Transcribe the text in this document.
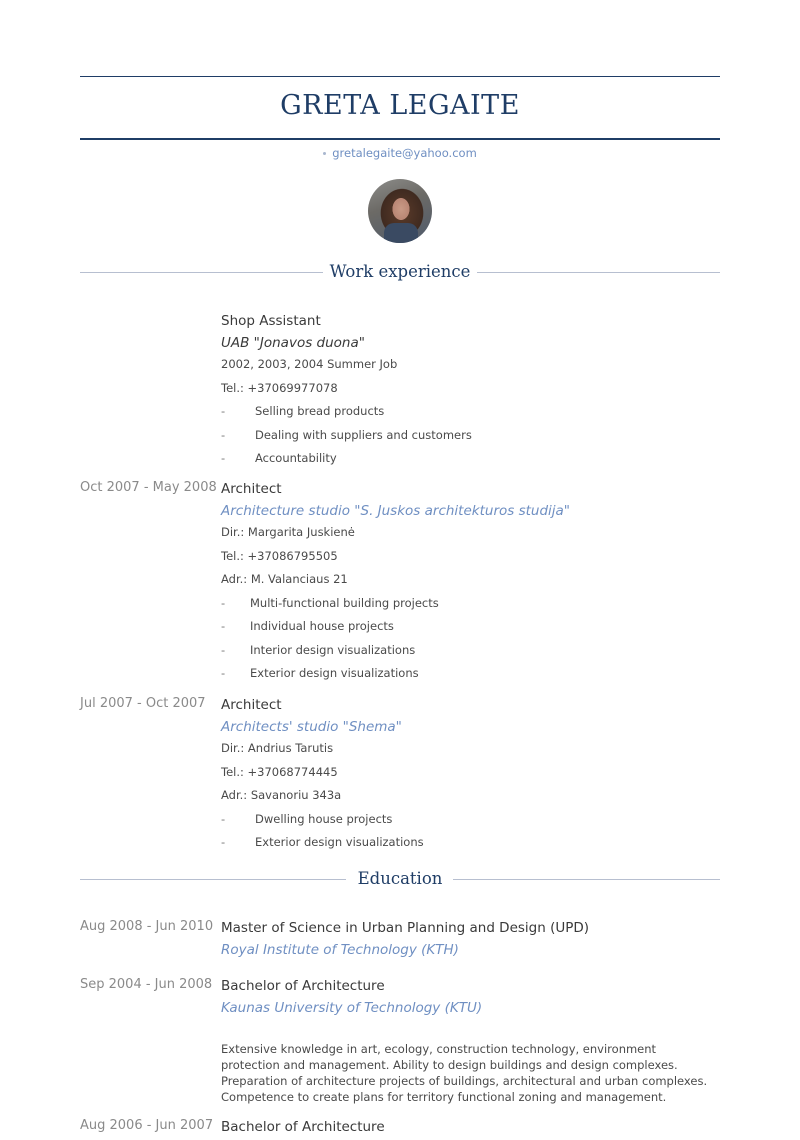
GRETA LEGAITE
gretalegaite@yahoo.com
Work experience
Shop Assistant
UAB "Jonavos duona"
2002, 2003, 2004 Summer Job
Tel.: +37069977078
-	Selling bread products
-	Dealing with suppliers and customers
-	Accountability
Oct 2007 - May 2008 Architect
Architecture studio "S. Juskos architekturos studija"
Dir.: Margarita Juskienė
Tel.: +37086795505
Adr.: M. Valanciaus 21
- Multi-functional building projects
- Individual house projects
- Interior design visualizations
- Exterior design visualizations
Jul 2007 - Oct 2007 Architect
Architects' studio "Shema"
Dir.: Andrius Tarutis
Tel.: +37068774445
Adr.: Savanoriu 343a
-	Dwelling house projects
-	Exterior design visualizations
Education
Aug 2008 - Jun 2010 Master of Science in Urban Planning and Design (UPD)
Royal Institute of Technology (KTH)
Sep 2004 - Jun 2008 Bachelor of Architecture
Kaunas University of Technology (KTU)
Extensive knowledge in art, ecology, construction technology, environment protection and management. Ability to design buildings and design complexes. Preparation of architecture projects of buildings, architectural and urban complexes. Competence to create plans for territory functional zoning and management.
Aug 2006 - Jun 2007 Bachelor of Architecture
